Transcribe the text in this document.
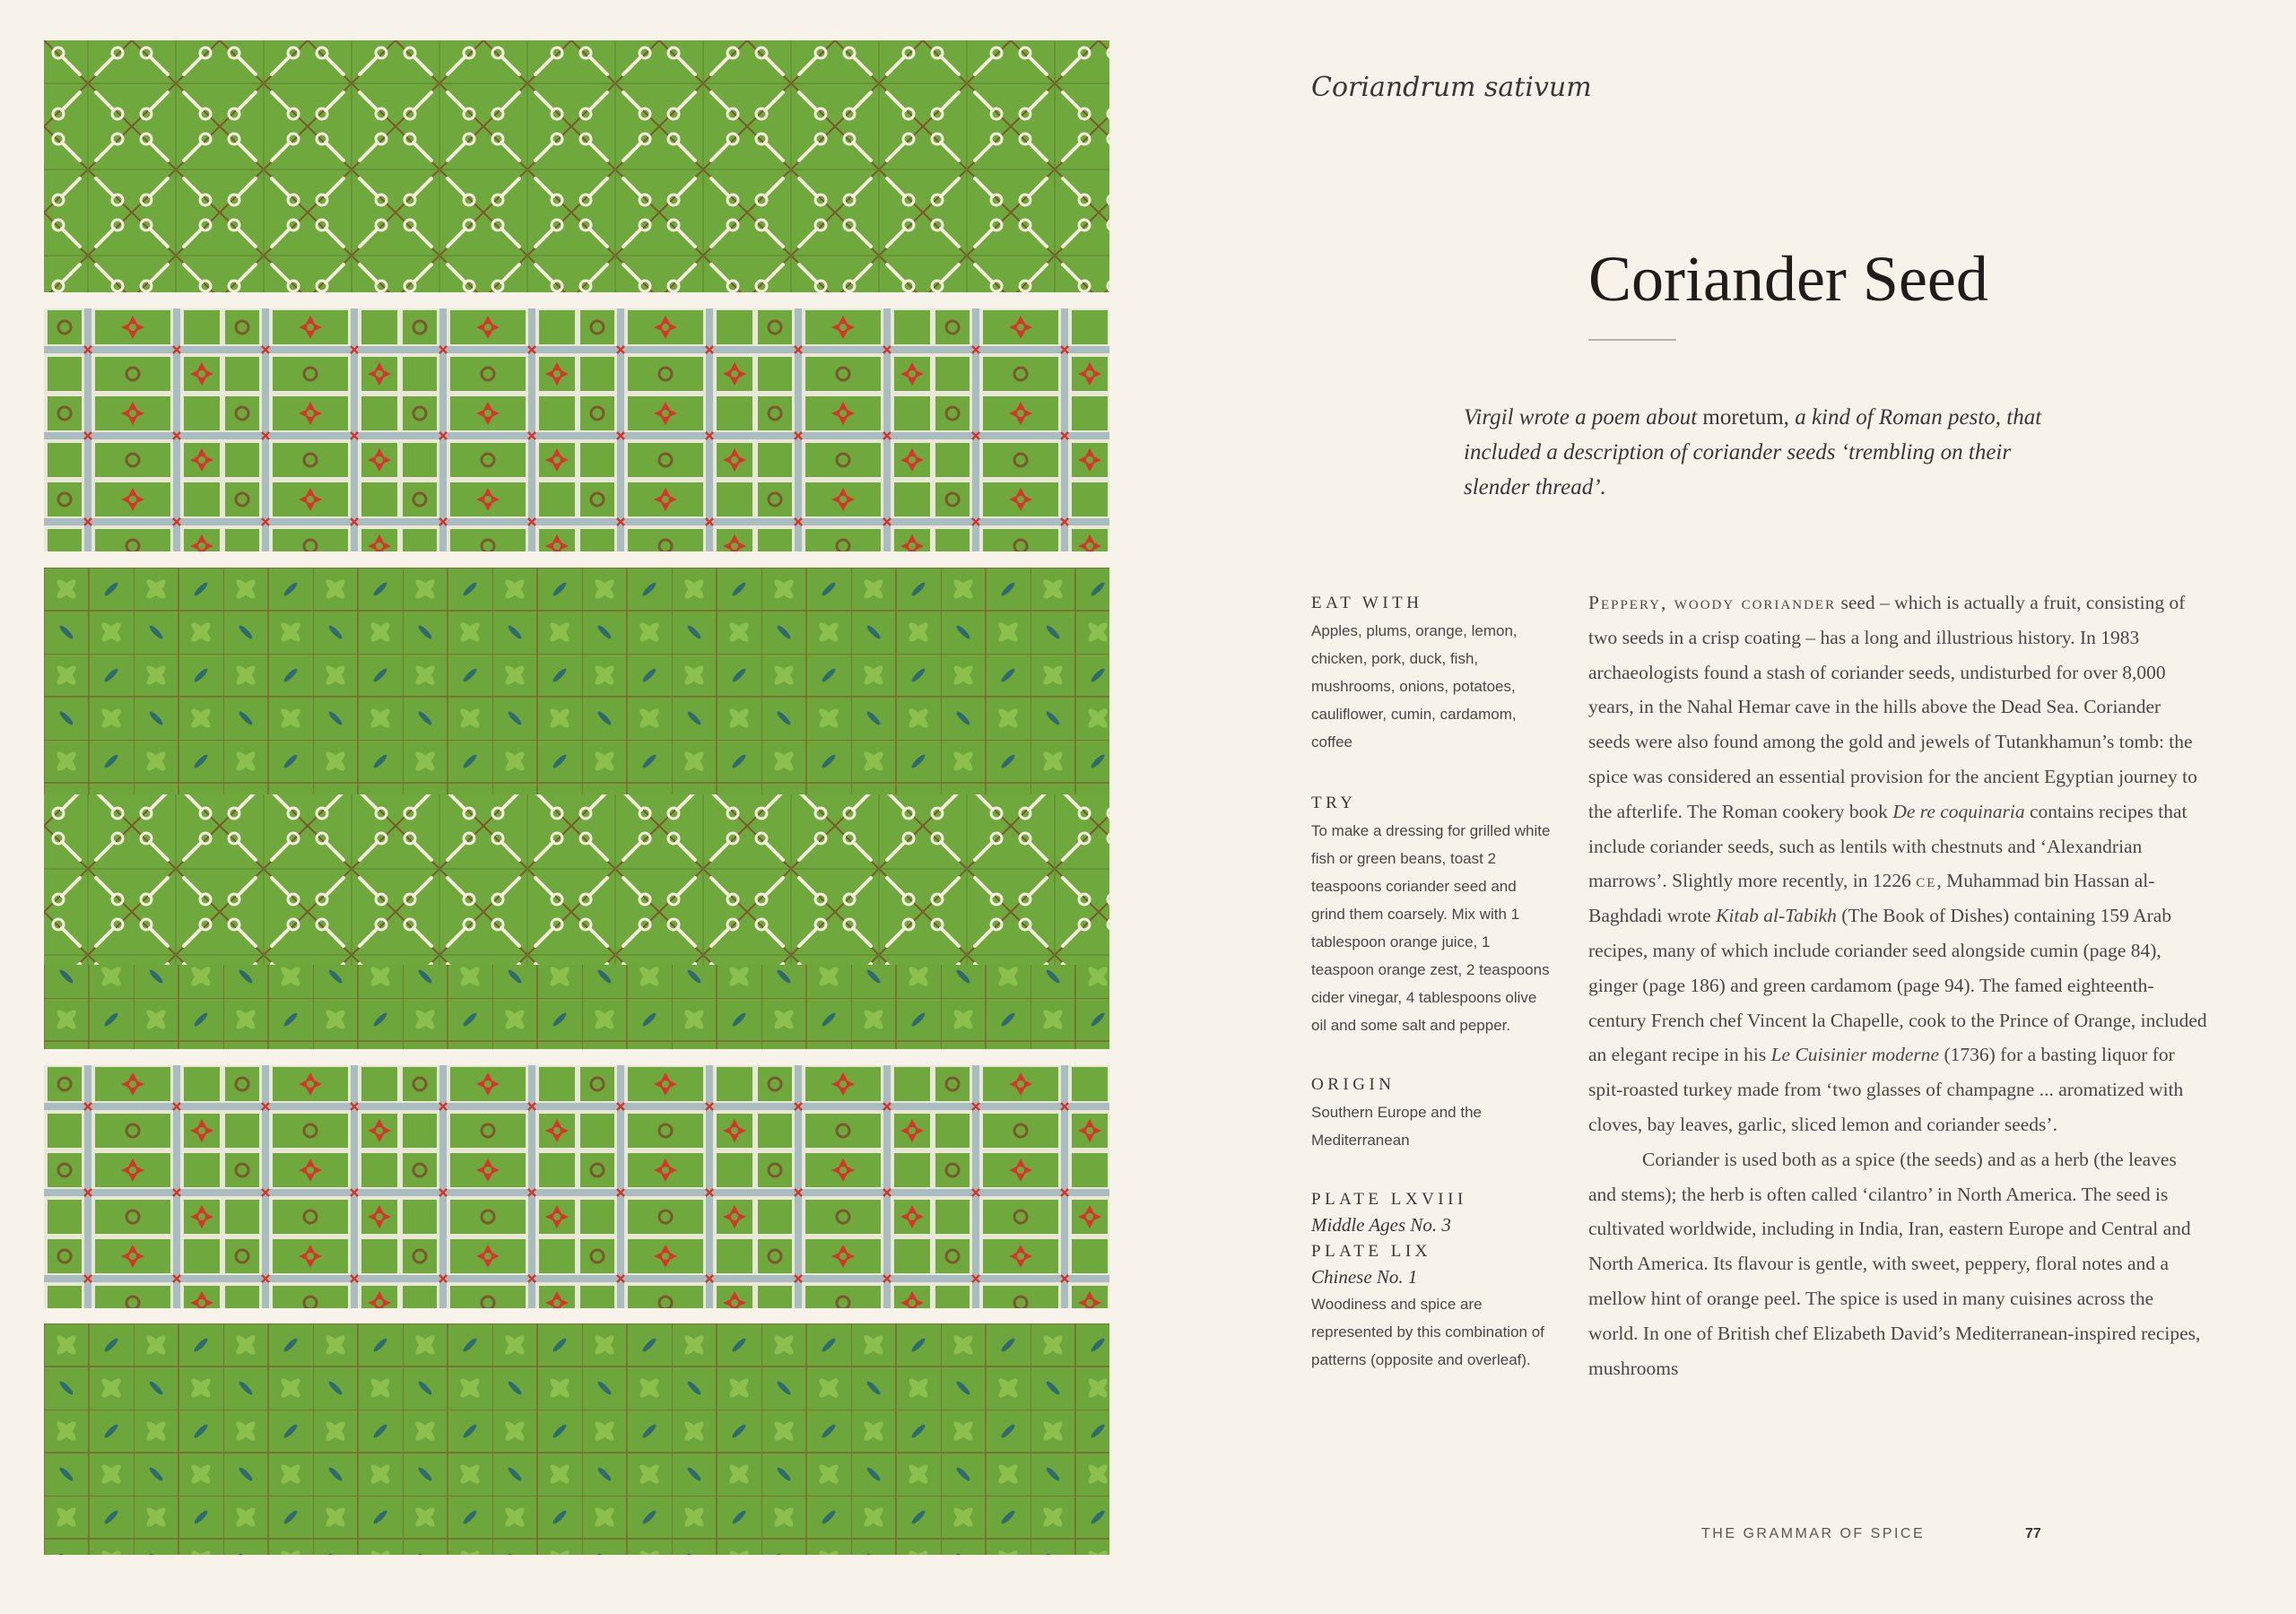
Coriandrum sativum
Coriander Seed
Virgil wrote a poem about moretum, a kind of Roman pesto, that included a description of coriander seeds ‘trembling on their slender thread’.

EAT WITH

Apples, plums, orange, lemon, chicken, pork, duck, fish, mushrooms, onions, potatoes, cauliflower, cumin, cardamom, coffee

TRY

To make a dressing for grilled white fish or green beans, toast 2 teaspoons coriander seed and grind them coarsely. Mix with 1 tablespoon orange juice, 1 teaspoon orange zest, 2 teaspoons cider vinegar, 4 tablespoons olive oil and some salt and pepper.

ORIGIN

Southern Europe and the Mediterranean

PLATE LXVIII

Middle Ages No. 3

PLATE LIX

Chinese No. 1

Woodiness and spice are represented by this combination of patterns (opposite and overleaf).

Peppery, woody coriander seed – which is actually a fruit, consisting of two seeds in a crisp coating – has a long and illustrious history. In 1983 archaeologists found a stash of coriander seeds, undisturbed for over 8,000 years, in the Nahal Hemar cave in the hills above the Dead Sea. Coriander seeds were also found among the gold and jewels of Tutankhamun’s tomb: the spice was considered an essential provision for the ancient Egyptian journey to the afterlife. The Roman cookery book De re coquinaria contains recipes that include coriander seeds, such as lentils with chestnuts and ‘Alexandrian marrows’. Slightly more recently, in 1226 ce, Muhammad bin Hassan al-Baghdadi wrote Kitab al-Tabikh (The Book of Dishes) containing 159 Arab recipes, many of which include coriander seed alongside cumin (page 84), ginger (page 186) and green cardamom (page 94). The famed eighteenth-century French chef Vincent la Chapelle, cook to the Prince of Orange, included an elegant recipe in his Le Cuisinier moderne (1736) for a basting liquor for spit-roasted turkey made from ‘two glasses of champagne ... aromatized with cloves, bay leaves, garlic, sliced lemon and coriander seeds’.

Coriander is used both as a spice (the seeds) and as a herb (the leaves and stems); the herb is often called ‘cilantro’ in North America. The seed is cultivated worldwide, including in India, Iran, eastern Europe and Central and North America. Its flavour is gentle, with sweet, peppery, floral notes and a mellow hint of orange peel. The spice is used in many cuisines across the world. In one of British chef Elizabeth David’s Mediterranean-inspired recipes, mushrooms

THE GRAMMAR OF SPICE	77
